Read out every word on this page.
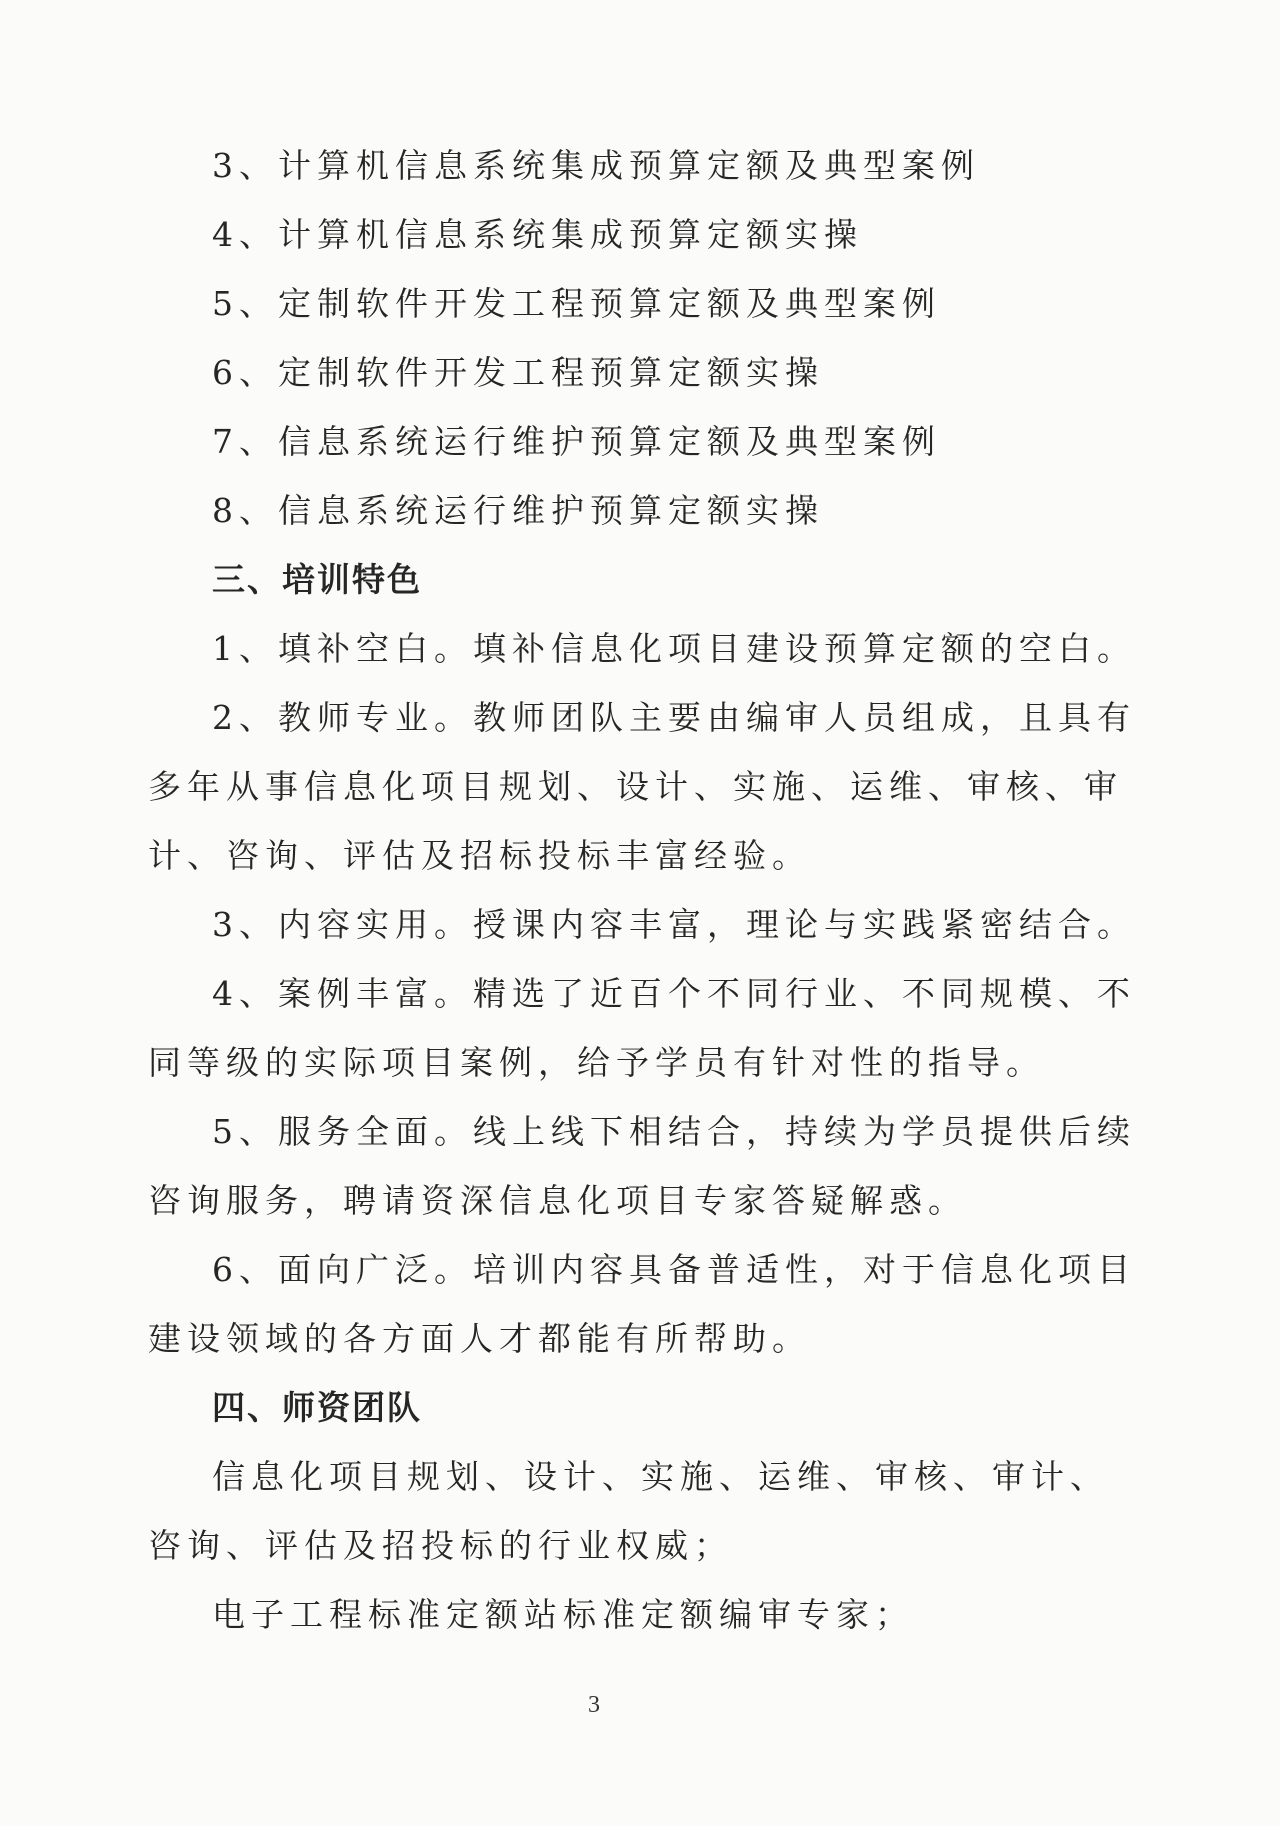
3、计算机信息系统集成预算定额及典型案例

4、计算机信息系统集成预算定额实操

5、定制软件开发工程预算定额及典型案例

6、定制软件开发工程预算定额实操

7、信息系统运行维护预算定额及典型案例

8、信息系统运行维护预算定额实操

三、培训特色

1、填补空白。填补信息化项目建设预算定额的空白。

2、教师专业。教师团队主要由编审人员组成，且具有

多年从事信息化项目规划、设计、实施、运维、审核、审

计、咨询、评估及招标投标丰富经验。

3、内容实用。授课内容丰富，理论与实践紧密结合。

4、案例丰富。精选了近百个不同行业、不同规模、不

同等级的实际项目案例，给予学员有针对性的指导。

5、服务全面。线上线下相结合，持续为学员提供后续

咨询服务，聘请资深信息化项目专家答疑解惑。

6、面向广泛。培训内容具备普适性，对于信息化项目

建设领域的各方面人才都能有所帮助。

四、师资团队

信息化项目规划、设计、实施、运维、审核、审计、

咨询、评估及招投标的行业权威；

电子工程标准定额站标准定额编审专家；

3
